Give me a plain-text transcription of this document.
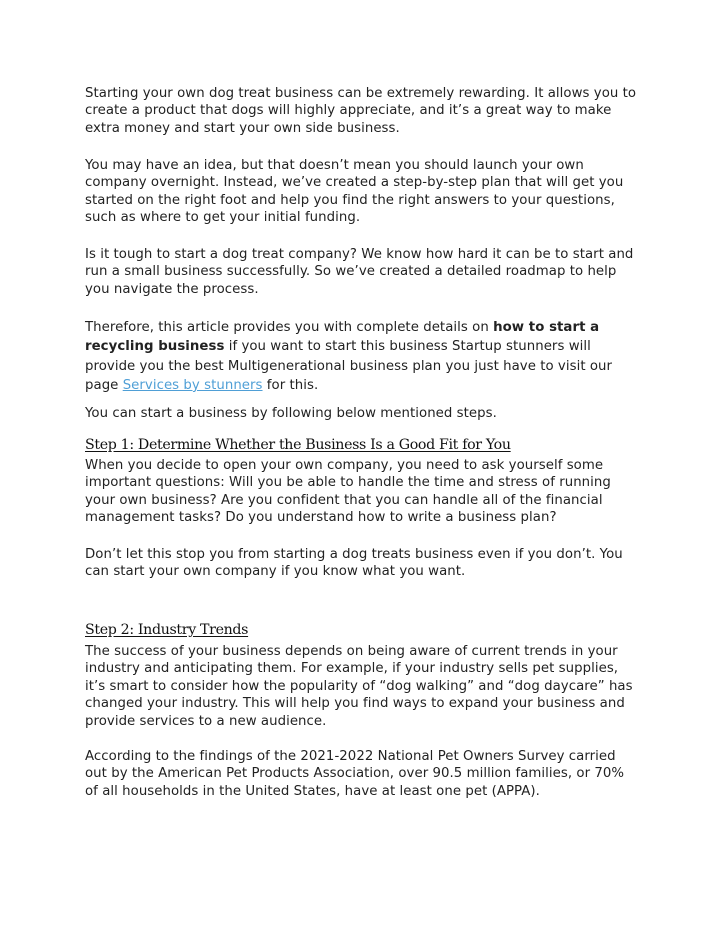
Starting your own dog treat business can be extremely rewarding. It allows you to create a product that dogs will highly appreciate, and it’s a great way to make extra money and start your own side business.

You may have an idea, but that doesn’t mean you should launch your own company overnight. Instead, we’ve created a step-by-step plan that will get you started on the right foot and help you find the right answers to your questions, such as where to get your initial funding.

Is it tough to start a dog treat company? We know how hard it can be to start and run a small business successfully. So we’ve created a detailed roadmap to help you navigate the process.

Therefore, this article provides you with complete details on how to start a recycling business if you want to start this business Startup stunners will provide you the best Multigenerational business plan you just have to visit our page Services by stunners for this.

You can start a business by following below mentioned steps.

Step 1: Determine Whether the Business Is a Good Fit for You

When you decide to open your own company, you need to ask yourself some important questions: Will you be able to handle the time and stress of running your own business? Are you confident that you can handle all of the financial management tasks? Do you understand how to write a business plan?

Don’t let this stop you from starting a dog treats business even if you don’t. You can start your own company if you know what you want.

Step 2: Industry Trends

The success of your business depends on being aware of current trends in your industry and anticipating them. For example, if your industry sells pet supplies, it’s smart to consider how the popularity of “dog walking” and “dog daycare” has changed your industry. This will help you find ways to expand your business and provide services to a new audience.

According to the findings of the 2021-2022 National Pet Owners Survey carried out by the American Pet Products Association, over 90.5 million families, or 70% of all households in the United States, have at least one pet (APPA).
